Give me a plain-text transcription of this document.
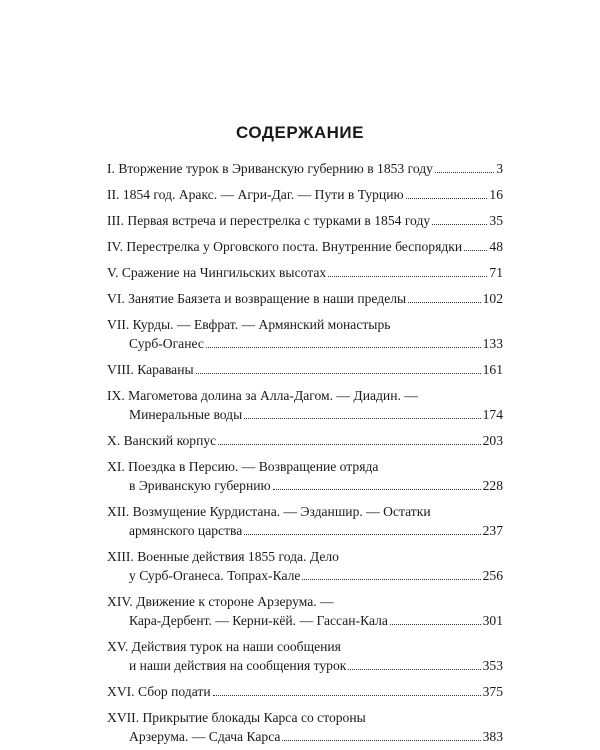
СОДЕРЖАНИЕ
I. Вторжение турок в Эриванскую губернию в 1853 году	3
II. 1854 год. Аракс. — Агри-Даг. — Пути в Турцию	16
III. Первая встреча и перестрелка с турками в 1854 году	35
IV. Перестрелка у Орговского поста. Внутренние беспорядки 48
V. Сражение на Чингильских высотах	71
VI. Занятие Баязета и возвращение в наши пределы	102
VII. Курды. — Евфрат. — Армянский монастырь
Сурб-Оганес	133
VIII. Караваны	161
IX. Магометова долина за Алла-Дагом. — Диадин. —
Минеральные воды	174
X. Ванский корпус	203
XI. Поездка в Персию. — Возвращение отряда
в Эриванскую губернию	228
XII. Возмущение Курдистана. — Эзданшир. — Остатки
армянского царства	237
XIII. Военные действия 1855 года. Дело
у Сурб-Оганеса. Топрах-Кале	256
XIV. Движение к стороне Арзерума. —
Кара-Дербент. — Керни-кёй. — Гассан-Кала	301
XV. Действия турок на наши сообщения
и наши действия на сообщения турок	353
XVI. Сбор подати	375
XVII. Прикрытие блокады Карса со стороны
Арзерума. — Сдача Карса	383
